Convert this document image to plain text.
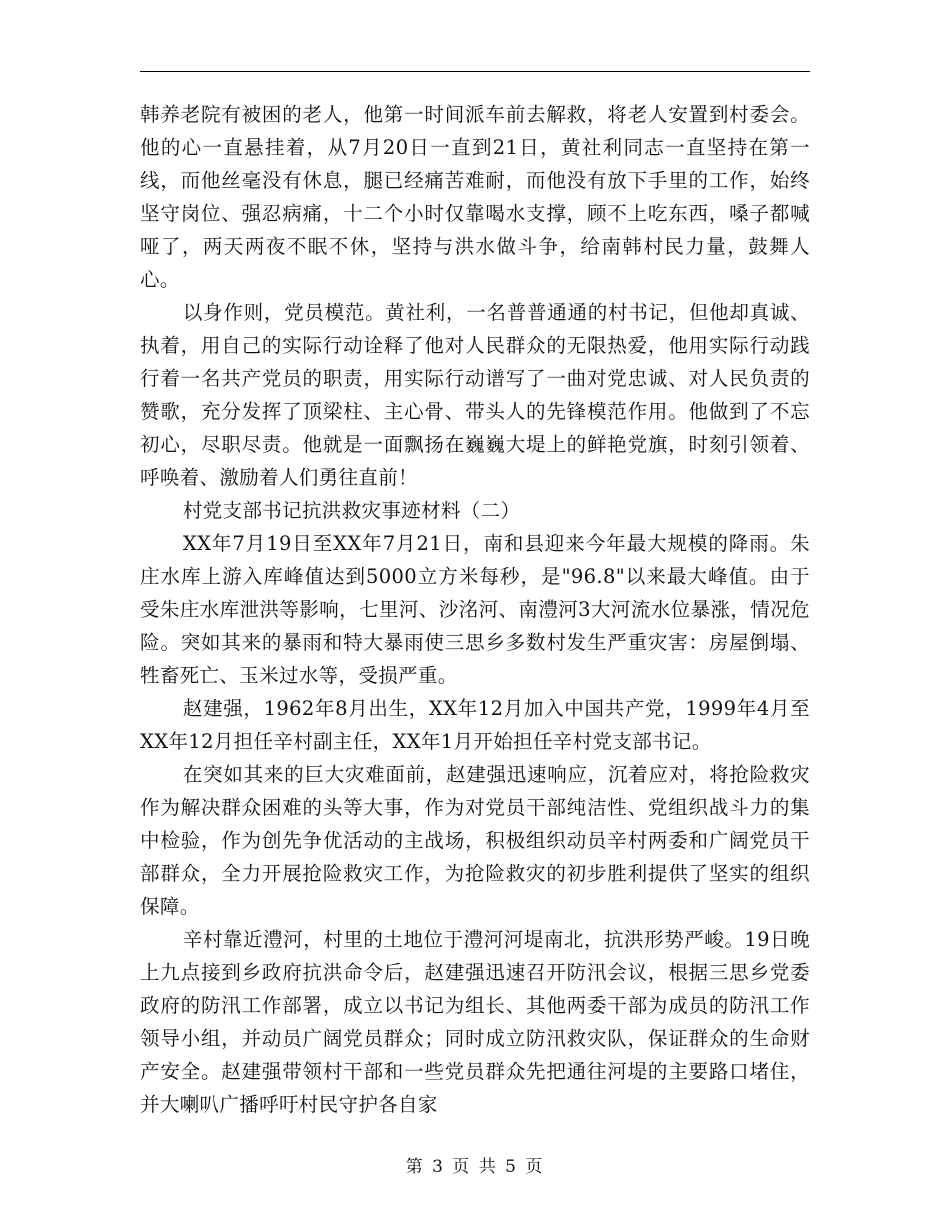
韩养老院有被困的老人，他第一时间派车前去解救，将老人安置到村委会。他的心一直悬挂着，从7月20日一直到21日，黄社利同志一直坚持在第一线，而他丝毫没有休息，腿已经痛苦难耐，而他没有放下手里的工作，始终坚守岗位、强忍病痛，十二个小时仅靠喝水支撑，顾不上吃东西，嗓子都喊哑了，两天两夜不眠不休，坚持与洪水做斗争，给南韩村民力量，鼓舞人心。

以身作则，党员模范。黄社利，一名普普通通的村书记，但他却真诚、执着，用自己的实际行动诠释了他对人民群众的无限热爱，他用实际行动践行着一名共产党员的职责，用实际行动谱写了一曲对党忠诚、对人民负责的赞歌，充分发挥了顶梁柱、主心骨、带头人的先锋模范作用。他做到了不忘初心，尽职尽责。他就是一面飘扬在巍巍大堤上的鲜艳党旗，时刻引领着、呼唤着、激励着人们勇往直前！

村党支部书记抗洪救灾事迹材料（二）

XX年7月19日至XX年7月21日，南和县迎来今年最大规模的降雨。朱庄水库上游入库峰值达到5000立方米每秒，是"96.8"以来最大峰值。由于受朱庄水库泄洪等影响，七里河、沙洺河、南澧河3大河流水位暴涨，情况危险。突如其来的暴雨和特大暴雨使三思乡多数村发生严重灾害：房屋倒塌、牲畜死亡、玉米过水等，受损严重。

赵建强，1962年8月出生，XX年12月加入中国共产党，1999年4月至XX年12月担任辛村副主任，XX年1月开始担任辛村党支部书记。

在突如其来的巨大灾难面前，赵建强迅速响应，沉着应对，将抢险救灾作为解决群众困难的头等大事，作为对党员干部纯洁性、党组织战斗力的集中检验，作为创先争优活动的主战场，积极组织动员辛村两委和广阔党员干部群众，全力开展抢险救灾工作，为抢险救灾的初步胜利提供了坚实的组织保障。

辛村靠近澧河，村里的土地位于澧河河堤南北，抗洪形势严峻。19日晚上九点接到乡政府抗洪命令后，赵建强迅速召开防汛会议，根据三思乡党委政府的防汛工作部署，成立以书记为组长、其他两委干部为成员的防汛工作领导小组，并动员广阔党员群众；同时成立防汛救灾队，保证群众的生命财产安全。赵建强带领村干部和一些党员群众先把通往河堤的主要路口堵住，并大喇叭广播呼吁村民守护各自家

第 3 页 共 5 页
